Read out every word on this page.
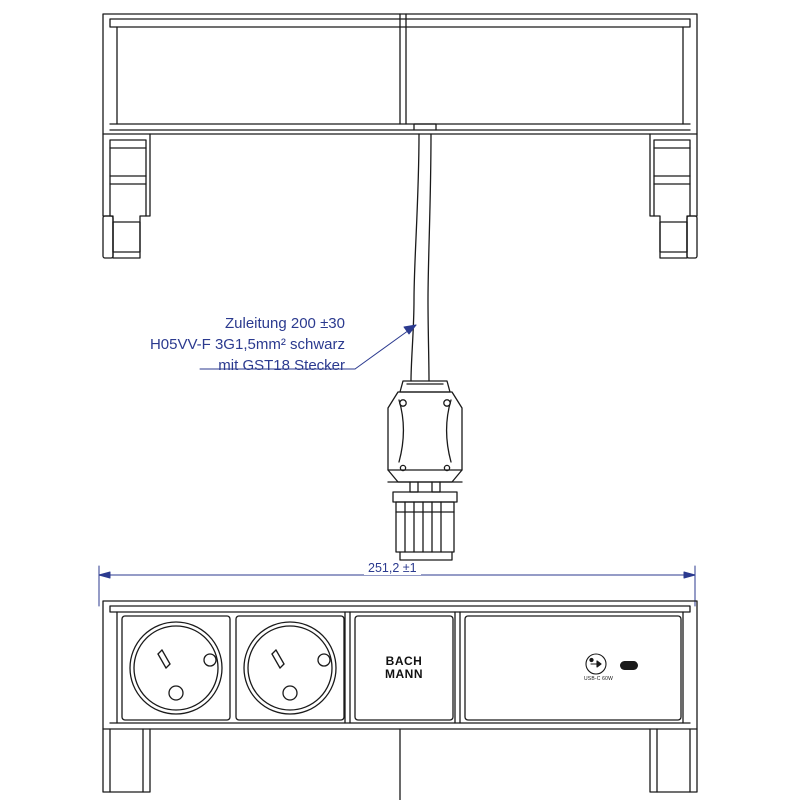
Zuleitung 200 ±30
H05VV-F 3G1,5mm² schwarz
mit GST18 Stecker
251,2 ±1
BACH
MANN	USB-C 60W
